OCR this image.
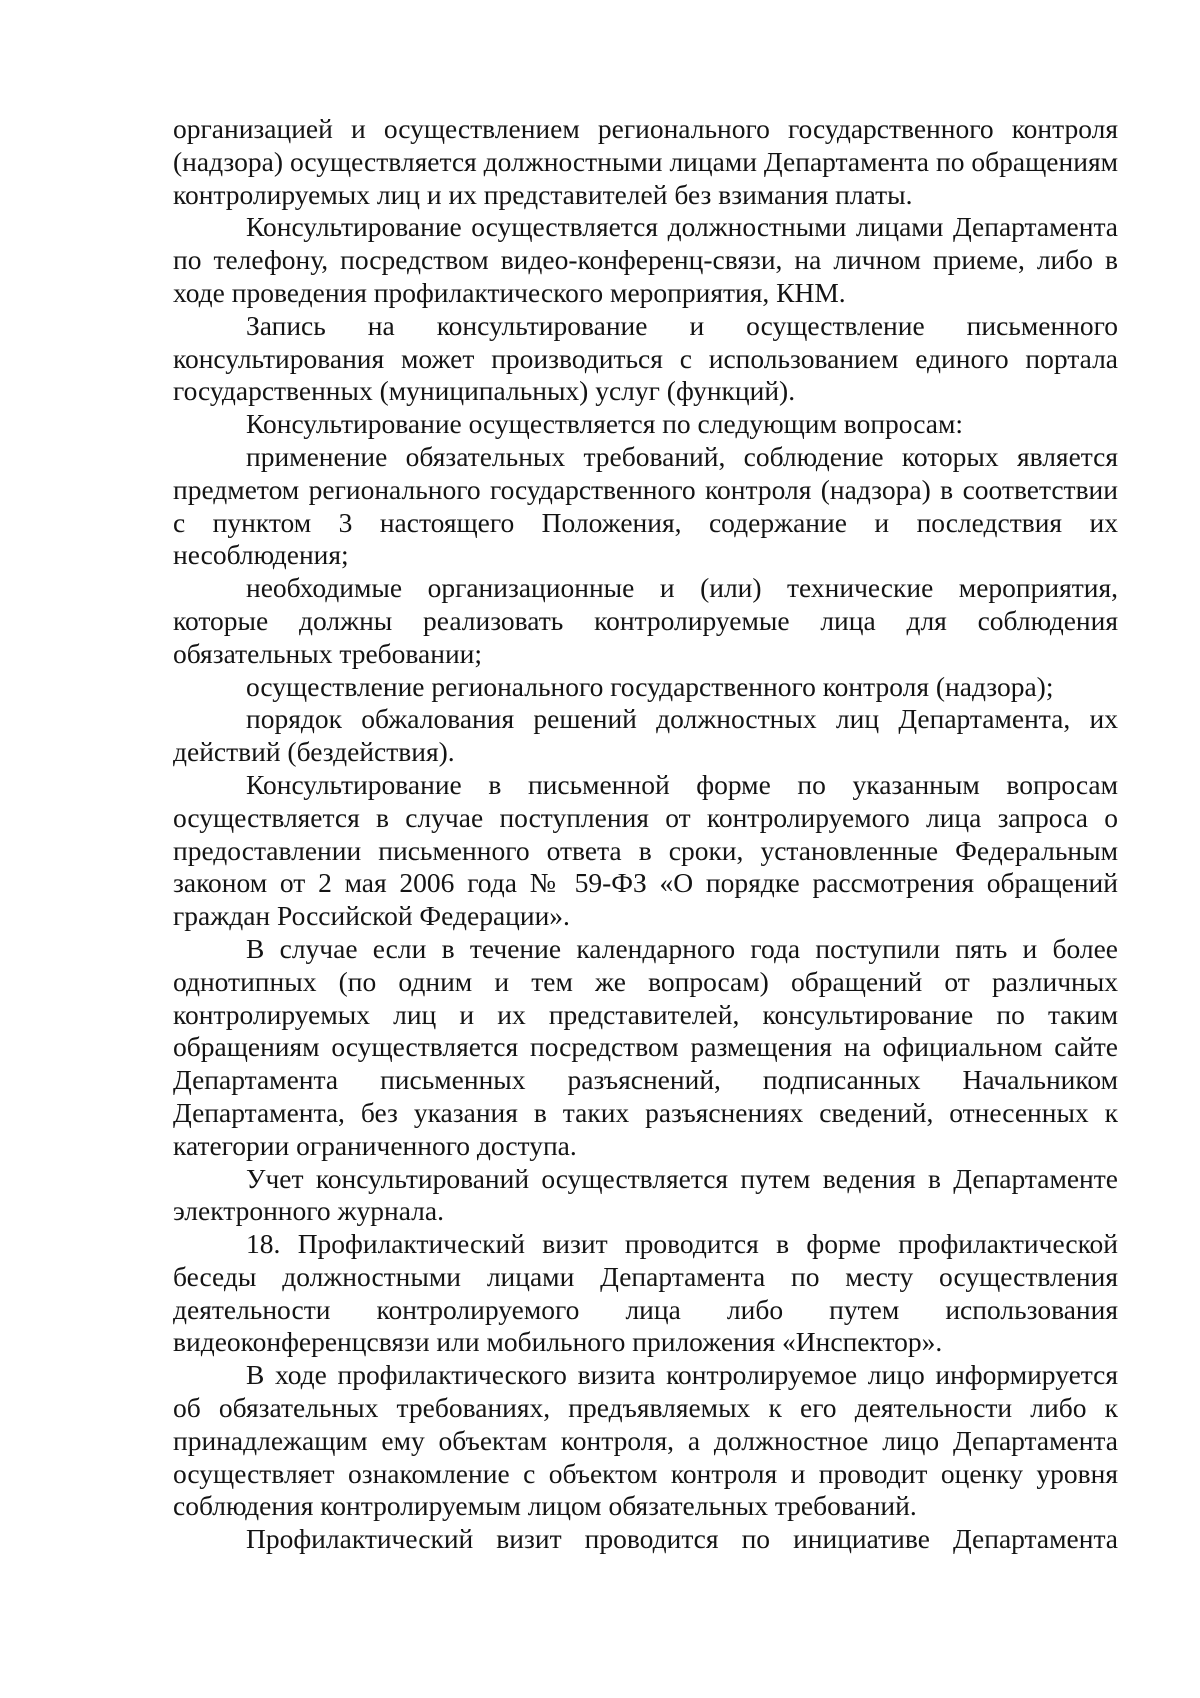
организацией и осуществлением регионального государственного контроля (надзора) осуществляется должностными лицами Департамента по обращениям контролируемых лиц и их представителей без взимания платы.

Консультирование осуществляется должностными лицами Департамента по телефону, посредством видео-конференц-связи, на личном приеме, либо в ходе проведения профилактического мероприятия, КНМ.

Запись на консультирование и осуществление письменного консультирования может производиться с использованием единого портала государственных (муниципальных) услуг (функций).

Консультирование осуществляется по следующим вопросам:

применение обязательных требований, соблюдение которых является предметом регионального государственного контроля (надзора) в соответствии с пунктом 3 настоящего Положения, содержание и последствия их несоблюдения;

необходимые организационные и (или) технические мероприятия, которые должны реализовать контролируемые лица для соблюдения обязательных требовании;

осуществление регионального государственного контроля (надзора);

порядок обжалования решений должностных лиц Департамента, их действий (бездействия).

Консультирование в письменной форме по указанным вопросам осуществляется в случае поступления от контролируемого лица запроса о предоставлении письменного ответа в сроки, установленные Федеральным законом от 2 мая 2006 года № 59-ФЗ «О порядке рассмотрения обращений граждан Российской Федерации».

В случае если в течение календарного года поступили пять и более однотипных (по одним и тем же вопросам) обращений от различных контролируемых лиц и их представителей, консультирование по таким обращениям осуществляется посредством размещения на официальном сайте Департамента письменных разъяснений, подписанных Начальником Департамента, без указания в таких разъяснениях сведений, отнесенных к категории ограниченного доступа.

Учет консультирований осуществляется путем ведения в Департаменте электронного журнала.

18. Профилактический визит проводится в форме профилактической беседы должностными лицами Департамента по месту осуществления деятельности контролируемого лица либо путем использования видеоконференцсвязи или мобильного приложения «Инспектор».

В ходе профилактического визита контролируемое лицо информируется об обязательных требованиях, предъявляемых к его деятельности либо к принадлежащим ему объектам контроля, а должностное лицо Департамента осуществляет ознакомление с объектом контроля и проводит оценку уровня соблюдения контролируемым лицом обязательных требований.

Профилактический визит проводится по инициативе Департамента
